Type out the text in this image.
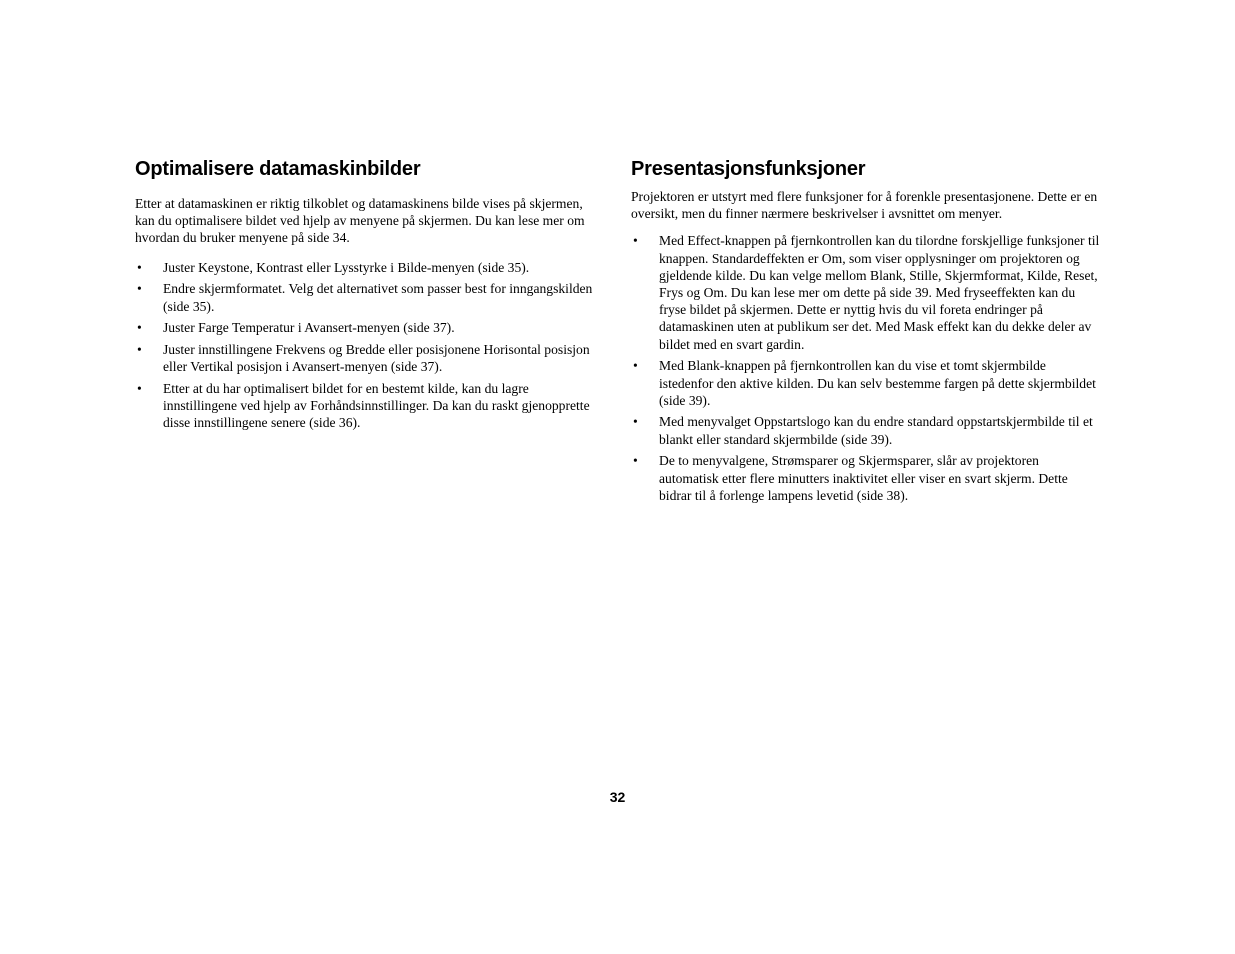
Optimalisere datamaskinbilder

Etter at datamaskinen er riktig tilkoblet og datamaskinens bilde vises på skjermen, kan du optimalisere bildet ved hjelp av menyene på skjermen. Du kan lese mer om hvordan du bruker menyene på side 34.

• Juster Keystone, Kontrast eller Lysstyrke i Bilde-menyen (side 35).
• Endre skjermformatet. Velg det alternativet som passer best for inngangskilden (side 35).
• Juster Farge Temperatur i Avansert-menyen (side 37).
• Juster innstillingene Frekvens og Bredde eller posisjonene Horisontal posisjon eller Vertikal posisjon i Avansert-menyen (side 37).
• Etter at du har optimalisert bildet for en bestemt kilde, kan du lagre innstillingene ved hjelp av Forhåndsinnstillinger. Da kan du raskt gjenopprette disse innstillingene senere (side 36).
Presentasjonsfunksjoner

Projektoren er utstyrt med flere funksjoner for å forenkle presentasjonene. Dette er en oversikt, men du finner nærmere beskrivelser i avsnittet om menyer.

• Med Effect-knappen på fjernkontrollen kan du tilordne forskjellige funksjoner til knappen. Standardeffekten er Om, som viser opplysninger om projektoren og gjeldende kilde. Du kan velge mellom Blank, Stille, Skjermformat, Kilde, Reset, Frys og Om. Du kan lese mer om dette på side 39. Med fryseeffekten kan du fryse bildet på skjermen. Dette er nyttig hvis du vil foreta endringer på datamaskinen uten at publikum ser det. Med Mask effekt kan du dekke deler av bildet med en svart gardin.
• Med Blank-knappen på fjernkontrollen kan du vise et tomt skjermbilde istedenfor den aktive kilden. Du kan selv bestemme fargen på dette skjermbildet (side 39).
• Med menyvalget Oppstartslogo kan du endre standard oppstartskjermbilde til et blankt eller standard skjermbilde (side 39).
• De to menyvalgene, Strømsparer og Skjermsparer, slår av projektoren automatisk etter flere minutters inaktivitet eller viser en svart skjerm. Dette bidrar til å forlenge lampens levetid (side 38).
32
